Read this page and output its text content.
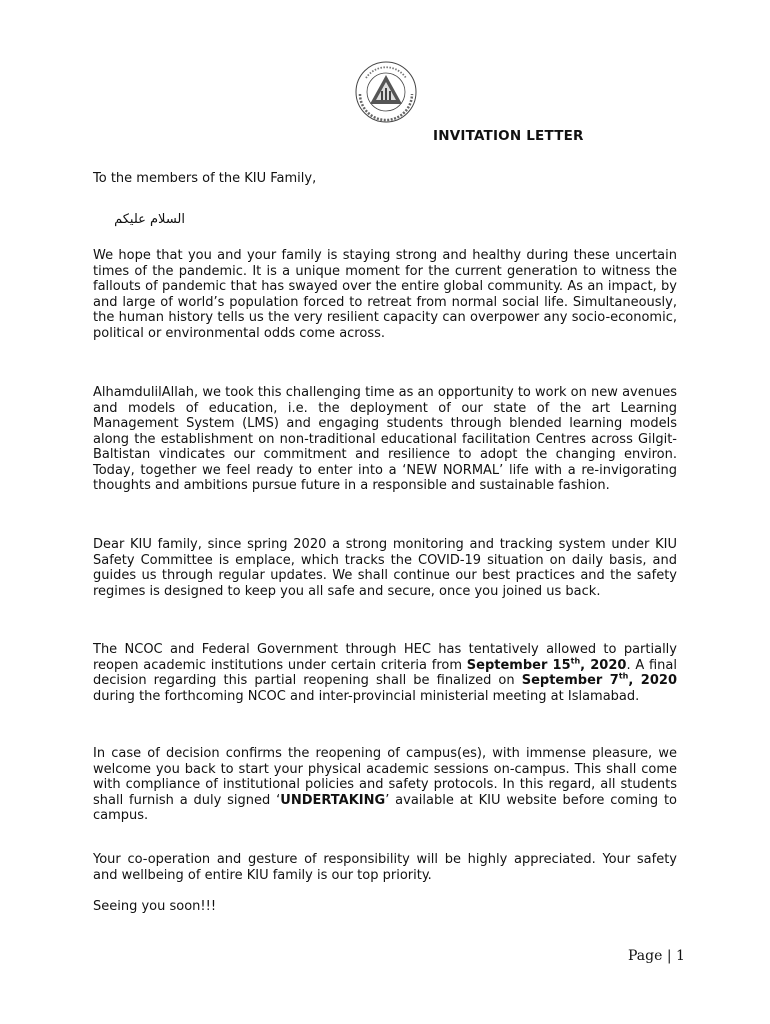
INVITATION LETTER
To the members of the KIU Family,
السلام علیکم

We hope that you and your family is staying strong and healthy during these uncertain times of the pandemic. It is a unique moment for the current generation to witness the fallouts of pandemic that has swayed over the entire global community. As an impact, by and large of world’s population forced to retreat from normal social life. Simultaneously, the human history tells us the very resilient capacity can overpower any socio-economic, political or environmental odds come across.

AlhamdulilAllah, we took this challenging time as an opportunity to work on new avenues and models of education, i.e. the deployment of our state of the art Learning Management System (LMS) and engaging students through blended learning models along the establishment on non-traditional educational facilitation Centres across Gilgit-Baltistan vindicates our commitment and resilience to adopt the changing environ. Today, together we feel ready to enter into a ‘NEW NORMAL’ life with a re-invigorating thoughts and ambitions pursue future in a responsible and sustainable fashion.

Dear KIU family, since spring 2020 a strong monitoring and tracking system under KIU Safety Committee is emplace, which tracks the COVID-19 situation on daily basis, and guides us through regular updates. We shall continue our best practices and the safety regimes is designed to keep you all safe and secure, once you joined us back.

The NCOC and Federal Government through HEC has tentatively allowed to partially reopen academic institutions under certain criteria from September 15th, 2020. A final decision regarding this partial reopening shall be finalized on September 7th, 2020 during the forthcoming NCOC and inter-provincial ministerial meeting at Islamabad.

In case of decision confirms the reopening of campus(es), with immense pleasure, we welcome you back to start your physical academic sessions on-campus. This shall come with compliance of institutional policies and safety protocols. In this regard, all students shall furnish a duly signed ‘UNDERTAKING’ available at KIU website before coming to campus.

Your co-operation and gesture of responsibility will be highly appreciated. Your safety and wellbeing of entire KIU family is our top priority.

Seeing you soon!!!
Page | 1
